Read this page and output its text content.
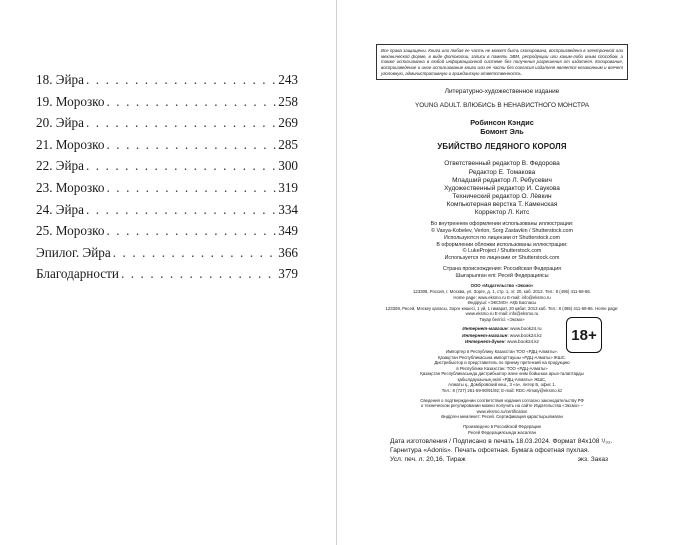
18. Эйра . . .	243
19. Морозко . . .	258
20. Эйра . . .	269
21. Морозко . . .	285
22. Эйра . . .	300
23. Морозко . . .	319
24. Эйра . . .	334
25. Морозко . . .	349
Эпилог. Эйра . . .	366
Благодарности . . .	379
Все права защищены. Книга или любая ее часть не может быть скопирована, воспроизведена в электронной или механической форме, в виде фотокопии, записи в память ЭВМ, репродукции или каким-либо иным способом, а также использована в любой информационной системе без получения разрешения от издателя. Копирование, воспроизведение и иное использование книги или ее части без согласия издателя является незаконным и влечет уголовную, административную и гражданскую ответственность.
Литературно-художественное издание
YOUNG ADULT. ВЛЮБИСЬ В НЕНАВИСТНОГО МОНСТРА
Робинсон Кэндис
Бомонт Эль
УБИЙСТВО ЛЕДЯНОГО КОРОЛЯ
Ответственный редактор В. Федорова
Редактор Е. Томакова
Младший редактор Л. Ребусевич
Художественный редактор И. Саукова
Технический редактор О. Лёвкин
Компьютерная верстка Т. Каменская
Корректор Л. Китс
Во внутреннем оформлении использованы иллюстрации:
© Vasya-Kobelev, Verlon, Sorg Zastavkin / Shutterstock.com
Используются по лицензии от Shutterstock.com
В оформлении обложки использованы иллюстрации:
© LukeProject / Shutterstock.com
Используется по лицензии от Shutterstock.com
Страна происхождения: Российская Федерация
Шығарылған елі: Ресей Федерациясы
ООО «Издательство «Эксмо»
123308, Россия, г. Москва, ул. Зорге, д. 1, стр. 1, эт. 20, каб. 2013. Тел.: 8 (495) 411-68-86.
Home page: www.eksmo.ru E-mail: info@eksmo.ru
Өндіруші: «ЭКСМО» АҚБ Баспасы
123308, Ресей, Мәскеу қаласы, Зорге көшесі, 1 үй, 1 ғимарат, 20 қабат, 2013 каб. Тел.: 8 (495) 411-68-86. Home page: www.eksmo.ru E-mail: info@eksmo.ru
Тауар белгісі: «Эксмо»
Интернет-магазин: www.book24.ru
Интернет-магазин: www.book24.kz
Интернет-дүкен: www.book24.kz
Импортер в Республику Казахстан ТОО «РДЦ-Алматы».
Қазақстан Республикасына импорттаушы «РДЦ-Алматы» ЖШС.
Дистрибьютор и представитель по приему претензий на продукцию
в Республике Казахстан: ТОО «РДЦ-Алматы»
Қазақстан Республикасында дистрибьютор және өнім бойынша арыз-талаптарды
қабылдаушының өкілі «РДЦ-Алматы» ЖШС,
Алматы қ., Домбровский көш., 3 «а», литер Б, офис 1.
Тел.: 8 (727) 251-59-90/91/92; E-mail: RDC-Almaty@eksmo.kz
Сведения о подтверждении соответствия издания согласно законодательству РФ
о техническом регулировании можно получить на сайте Издательства «Эксмо» –
www.eksmo.ru/certification
Өндірген мемлекет: Ресей. Сертификация қарастырылмаған
Произведено в Российской Федерации
Ресей Федерациясында жасалған
18+
Дата изготовления / Подписано в печать 18.03.2024. Формат 84x108 ¹/₃₂.
Гарнитура «Adonis». Печать офсетная. Бумага офсетная пухлая.
Усл. печ. л. 20,16. Тираж	экз. Заказ
